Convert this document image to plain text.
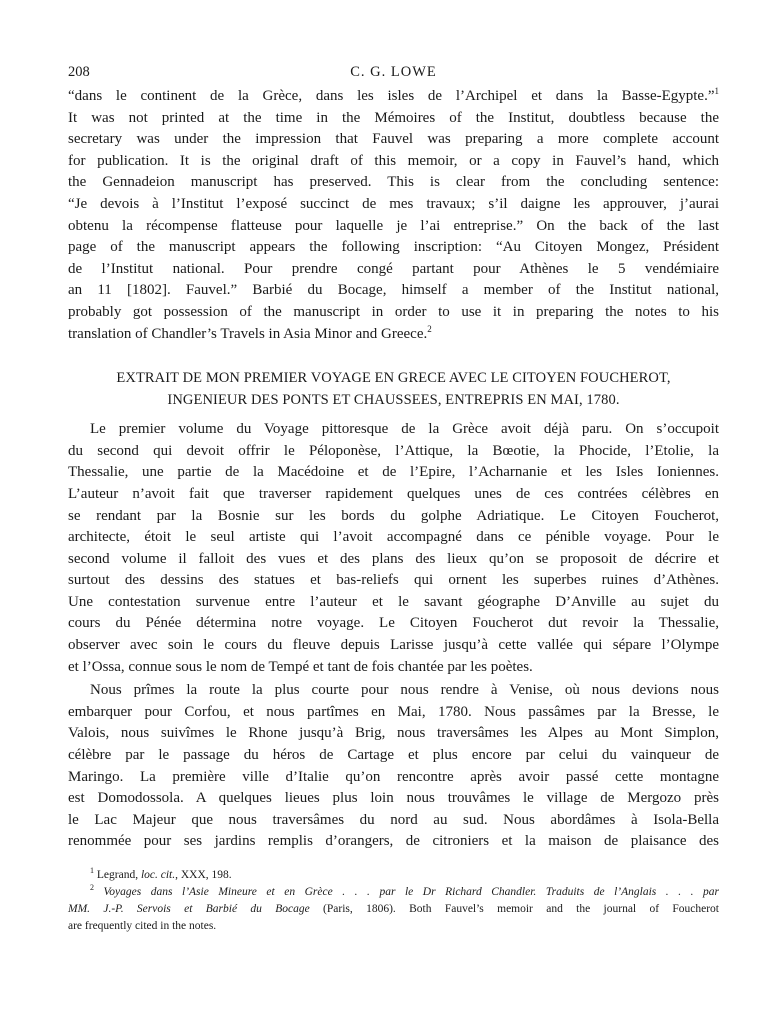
208	C. G. LOWE
“dans le continent de la Grèce, dans les isles de l’Archipel et dans la Basse-Egypte.”$^1$
It was not printed at the time in the Mémoires of the Institut, doubtless because the
secretary was under the impression that Fauvel was preparing a more complete account
for publication. It is the original draft of this memoir, or a copy in Fauvel’s hand, which
the Gennadeion manuscript has preserved. This is clear from the concluding sentence:
“Je devois à l’Institut l’exposé succinct de mes travaux; s’il daigne les approuver, j’aurai
obtenu la récompense flatteuse pour laquelle je l’ai entreprise.” On the back of the last
page of the manuscript appears the following inscription: “Au Citoyen Mongez, Président
de l’Institut national. Pour prendre congé partant pour Athènes le 5 vendémiaire
an 11 [1802]. Fauvel.” Barbié du Bocage, himself a member of the Institut national,
probably got possession of the manuscript in order to use it in preparing the notes to his
translation of Chandler’s Travels in Asia Minor and Greece.$^2$
EXTRAIT DE MON PREMIER VOYAGE EN GRECE AVEC LE CITOYEN FOUCHEROT,
INGENIEUR DES PONTS ET CHAUSSEES, ENTREPRIS EN MAI, 1780.
Le premier volume du Voyage pittoresque de la Grèce avoit déjà paru. On s’occupoit
du second qui devoit offrir le Péloponèse, l’Attique, la Bœotie, la Phocide, l’Etolie, la
Thessalie, une partie de la Macédoine et de l’Epire, l’Acharnanie et les Isles Ioniennes.
L’auteur n’avoit fait que traverser rapidement quelques unes de ces contrées célèbres en
se rendant par la Bosnie sur les bords du golphe Adriatique. Le Citoyen Foucherot,
architecte, étoit le seul artiste qui l’avoit accompagné dans ce pénible voyage. Pour le
second volume il falloit des vues et des plans des lieux qu’on se proposoit de décrire et
surtout des dessins des statues et bas-reliefs qui ornent les superbes ruines d’Athènes.
Une contestation survenue entre l’auteur et le savant géographe D’Anville au sujet du
cours du Pénée détermina notre voyage. Le Citoyen Foucherot dut revoir la Thessalie,
observer avec soin le cours du fleuve depuis Larisse jusqu’à cette vallée qui sépare l’Olympe
et l’Ossa, connue sous le nom de Tempé et tant de fois chantée par les poètes.
Nous prîmes la route la plus courte pour nous rendre à Venise, où nous devions nous
embarquer pour Corfou, et nous partîmes en Mai, 1780. Nous passâmes par la Bresse, le
Valois, nous suivîmes le Rhone jusqu’à Brig, nous traversâmes les Alpes au Mont Simplon,
célèbre par le passage du héros de Cartage et plus encore par celui du vainqueur de
Maringo. La première ville d’Italie qu’on rencontre après avoir passé cette montagne
est Domodossola. A quelques lieues plus loin nous trouvâmes le village de Mergozo près
le Lac Majeur que nous traversâmes du nord au sud. Nous abordâmes à Isola-Bella
renommée pour ses jardins remplis d’orangers, de citroniers et la maison de plaisance des
$^1$ Legrand, loc. cit., XXX, 198.
$^2$ Voyages dans l’Asie Mineure et en Grèce . . . par le Dr Richard Chandler. Traduits de l’Anglais . . . par
MM. J.-P. Servois et Barbié du Bocage (Paris, 1806). Both Fauvel’s memoir and the journal of Foucherot
are frequently cited in the notes.
